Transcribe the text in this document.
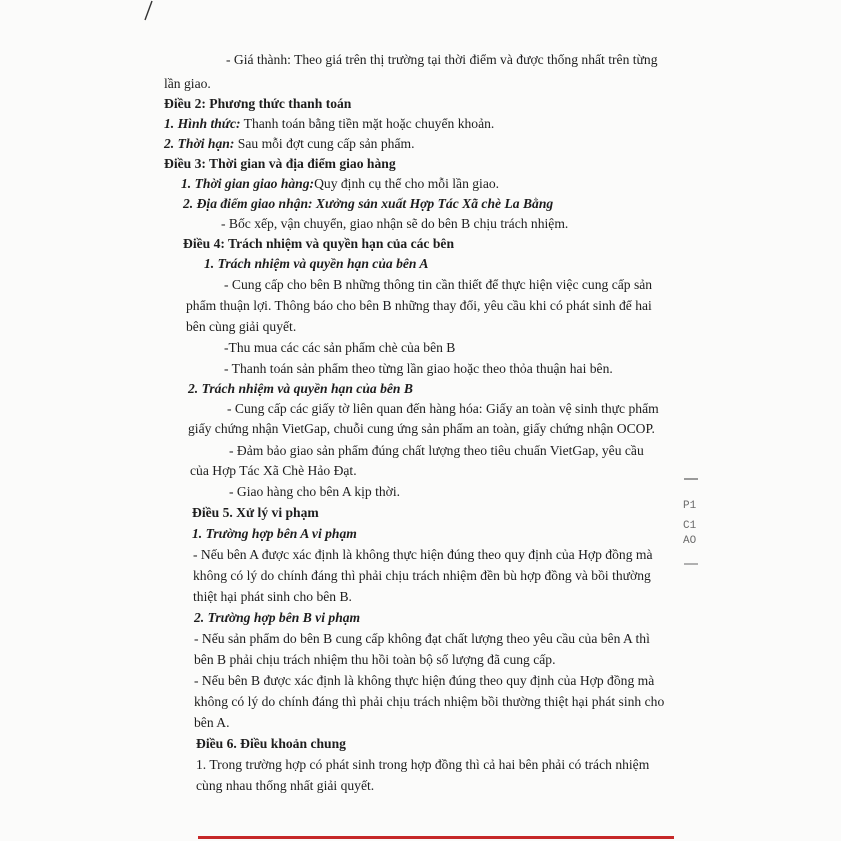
- Giá thành: Theo giá trên thị trường tại thời điểm và được thống nhất trên từng
lần giao.
Điều 2: Phương thức thanh toán
1. Hình thức: Thanh toán bằng tiền mặt hoặc chuyển khoản.
2. Thời hạn: Sau mỗi đợt cung cấp sản phẩm.
Điều 3: Thời gian và địa điểm giao hàng
1. Thời gian giao hàng:Quy định cụ thể cho mỗi lần giao.
2. Địa điểm giao nhận: Xưởng sản xuất Hợp Tác Xã chè La Bằng
- Bốc xếp, vận chuyển, giao nhận sẽ do bên B chịu trách nhiệm.
Điều 4: Trách nhiệm và quyền hạn của các bên
1. Trách nhiệm và quyền hạn của bên A
- Cung cấp cho bên B những thông tin cần thiết để thực hiện việc cung cấp sản
phẩm thuận lợi. Thông báo cho bên B những thay đổi, yêu cầu khi có phát sinh để hai
bên cùng giải quyết.
-Thu mua các các sản phẩm chè của bên B
- Thanh toán sản phẩm theo từng lần giao hoặc theo thỏa thuận hai bên.
2. Trách nhiệm và quyền hạn của bên B
- Cung cấp các giấy tờ liên quan đến hàng hóa: Giấy an toàn vệ sinh thực phẩm
giấy chứng nhận VietGap, chuỗi cung ứng sản phẩm an toàn, giấy chứng nhận OCOP.
- Đảm bảo giao sản phẩm đúng chất lượng theo tiêu chuẩn VietGap, yêu cầu
của Hợp Tác Xã Chè Hảo Đạt.
- Giao hàng cho bên A kịp thời.
Điều 5. Xử lý vi phạm
1. Trường hợp bên A vi phạm
- Nếu bên A được xác định là không thực hiện đúng theo quy định của Hợp đồng mà
không có lý do chính đáng thì phải chịu trách nhiệm đền bù hợp đồng và bồi thường
thiệt hại phát sinh cho bên B.
2. Trường hợp bên B vi phạm
- Nếu sản phẩm do bên B cung cấp không đạt chất lượng theo yêu cầu của bên A thì
bên B phải chịu trách nhiệm thu hồi toàn bộ số lượng đã cung cấp.
- Nếu bên B được xác định là không thực hiện đúng theo quy định của Hợp đồng mà
không có lý do chính đáng thì phải chịu trách nhiệm bồi thường thiệt hại phát sinh cho
bên A.
Điều 6. Điều khoản chung
1. Trong trường hợp có phát sinh trong hợp đồng thì cả hai bên phải có trách nhiệm
cùng nhau thống nhất giải quyết.
P1
C1
AO
